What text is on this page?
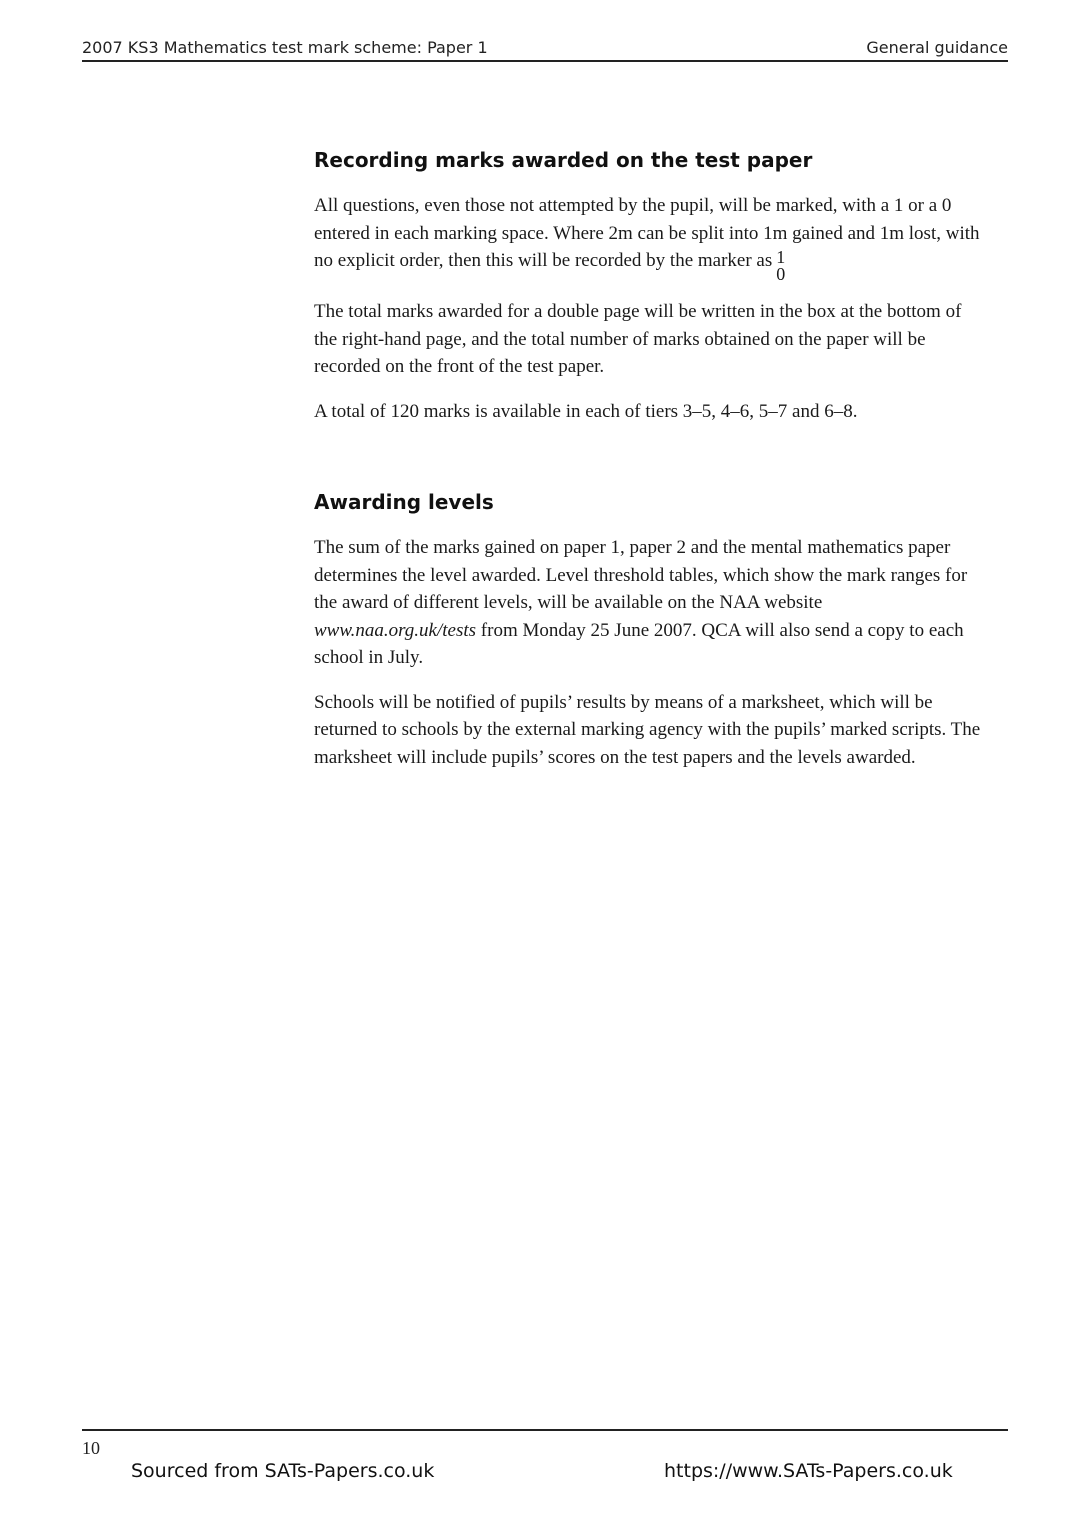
2007 KS3 Mathematics test mark scheme: Paper 1	General guidance
Recording marks awarded on the test paper

All questions, even those not attempted by the pupil, will be marked, with a 1 or a 0 entered in each marking space. Where 2m can be split into 1m gained and 1m lost, with no explicit order, then this will be recorded by the marker as 1
0

The total marks awarded for a double page will be written in the box at the bottom of the right-hand page, and the total number of marks obtained on the paper will be recorded on the front of the test paper.

A total of 120 marks is available in each of tiers 3–5, 4–6, 5–7 and 6–8.

Awarding levels

The sum of the marks gained on paper 1, paper 2 and the mental mathematics paper determines the level awarded. Level threshold tables, which show the mark ranges for the award of different levels, will be available on the NAA website www.naa.org.uk/tests from Monday 25 June 2007. QCA will also send a copy to each school in July.

Schools will be notified of pupils’ results by means of a marksheet, which will be returned to schools by the external marking agency with the pupils’ marked scripts. The marksheet will include pupils’ scores on the test papers and the levels awarded.

10
Sourced from SATs-Papers.co.uk	https://www.SATs-Papers.co.uk
